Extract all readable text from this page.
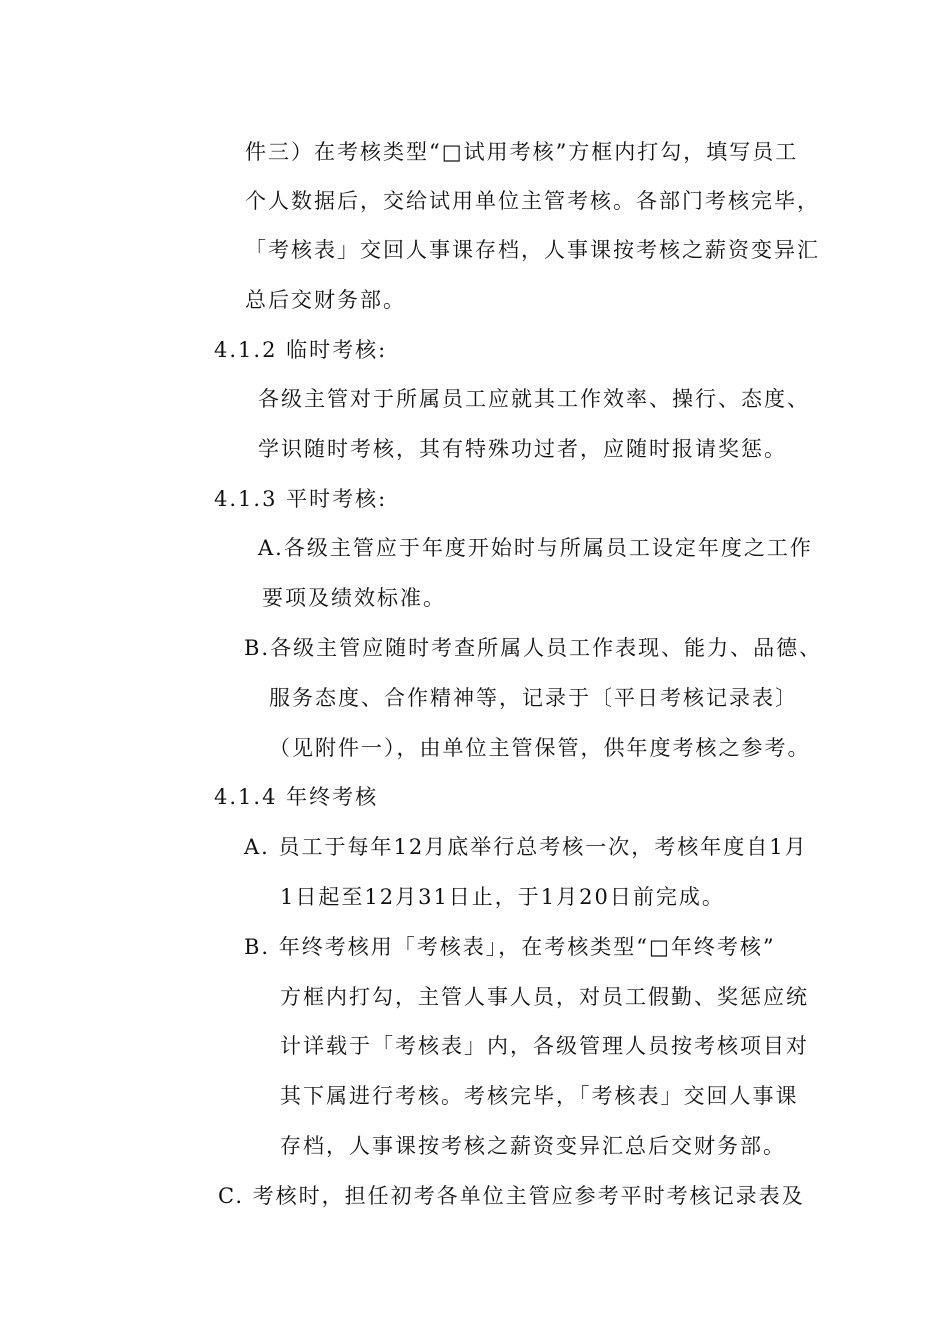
件三）在考核类型“□试用考核”方框内打勾，填写员工
个人数据后，交给试用单位主管考核。各部门考核完毕，
「考核表」交回人事课存档，人事课按考核之薪资变异汇
总后交财务部。
4.1.2 临时考核:
各级主管对于所属员工应就其工作效率、操行、态度、
学识随时考核，其有特殊功过者，应随时报请奖惩。
4.1.3 平时考核:
A.各级主管应于年度开始时与所属员工设定年度之工作
要项及绩效标准。
B.各级主管应随时考查所属人员工作表现、能力、品德、
服务态度、合作精神等，记录于〔平日考核记录表〕
（见附件一），由单位主管保管，供年度考核之参考。
4.1.4 年终考核
A. 员工于每年12月底举行总考核一次，考核年度自1月
1日起至12月31日止，于1月20日前完成。
B. 年终考核用「考核表」，在考核类型“□年终考核”
方框内打勾，主管人事人员，对员工假勤、奖惩应统
计详载于「考核表」内，各级管理人员按考核项目对
其下属进行考核。考核完毕，「考核表」交回人事课
存档，人事课按考核之薪资变异汇总后交财务部。
C. 考核时，担任初考各单位主管应参考平时考核记录表及
